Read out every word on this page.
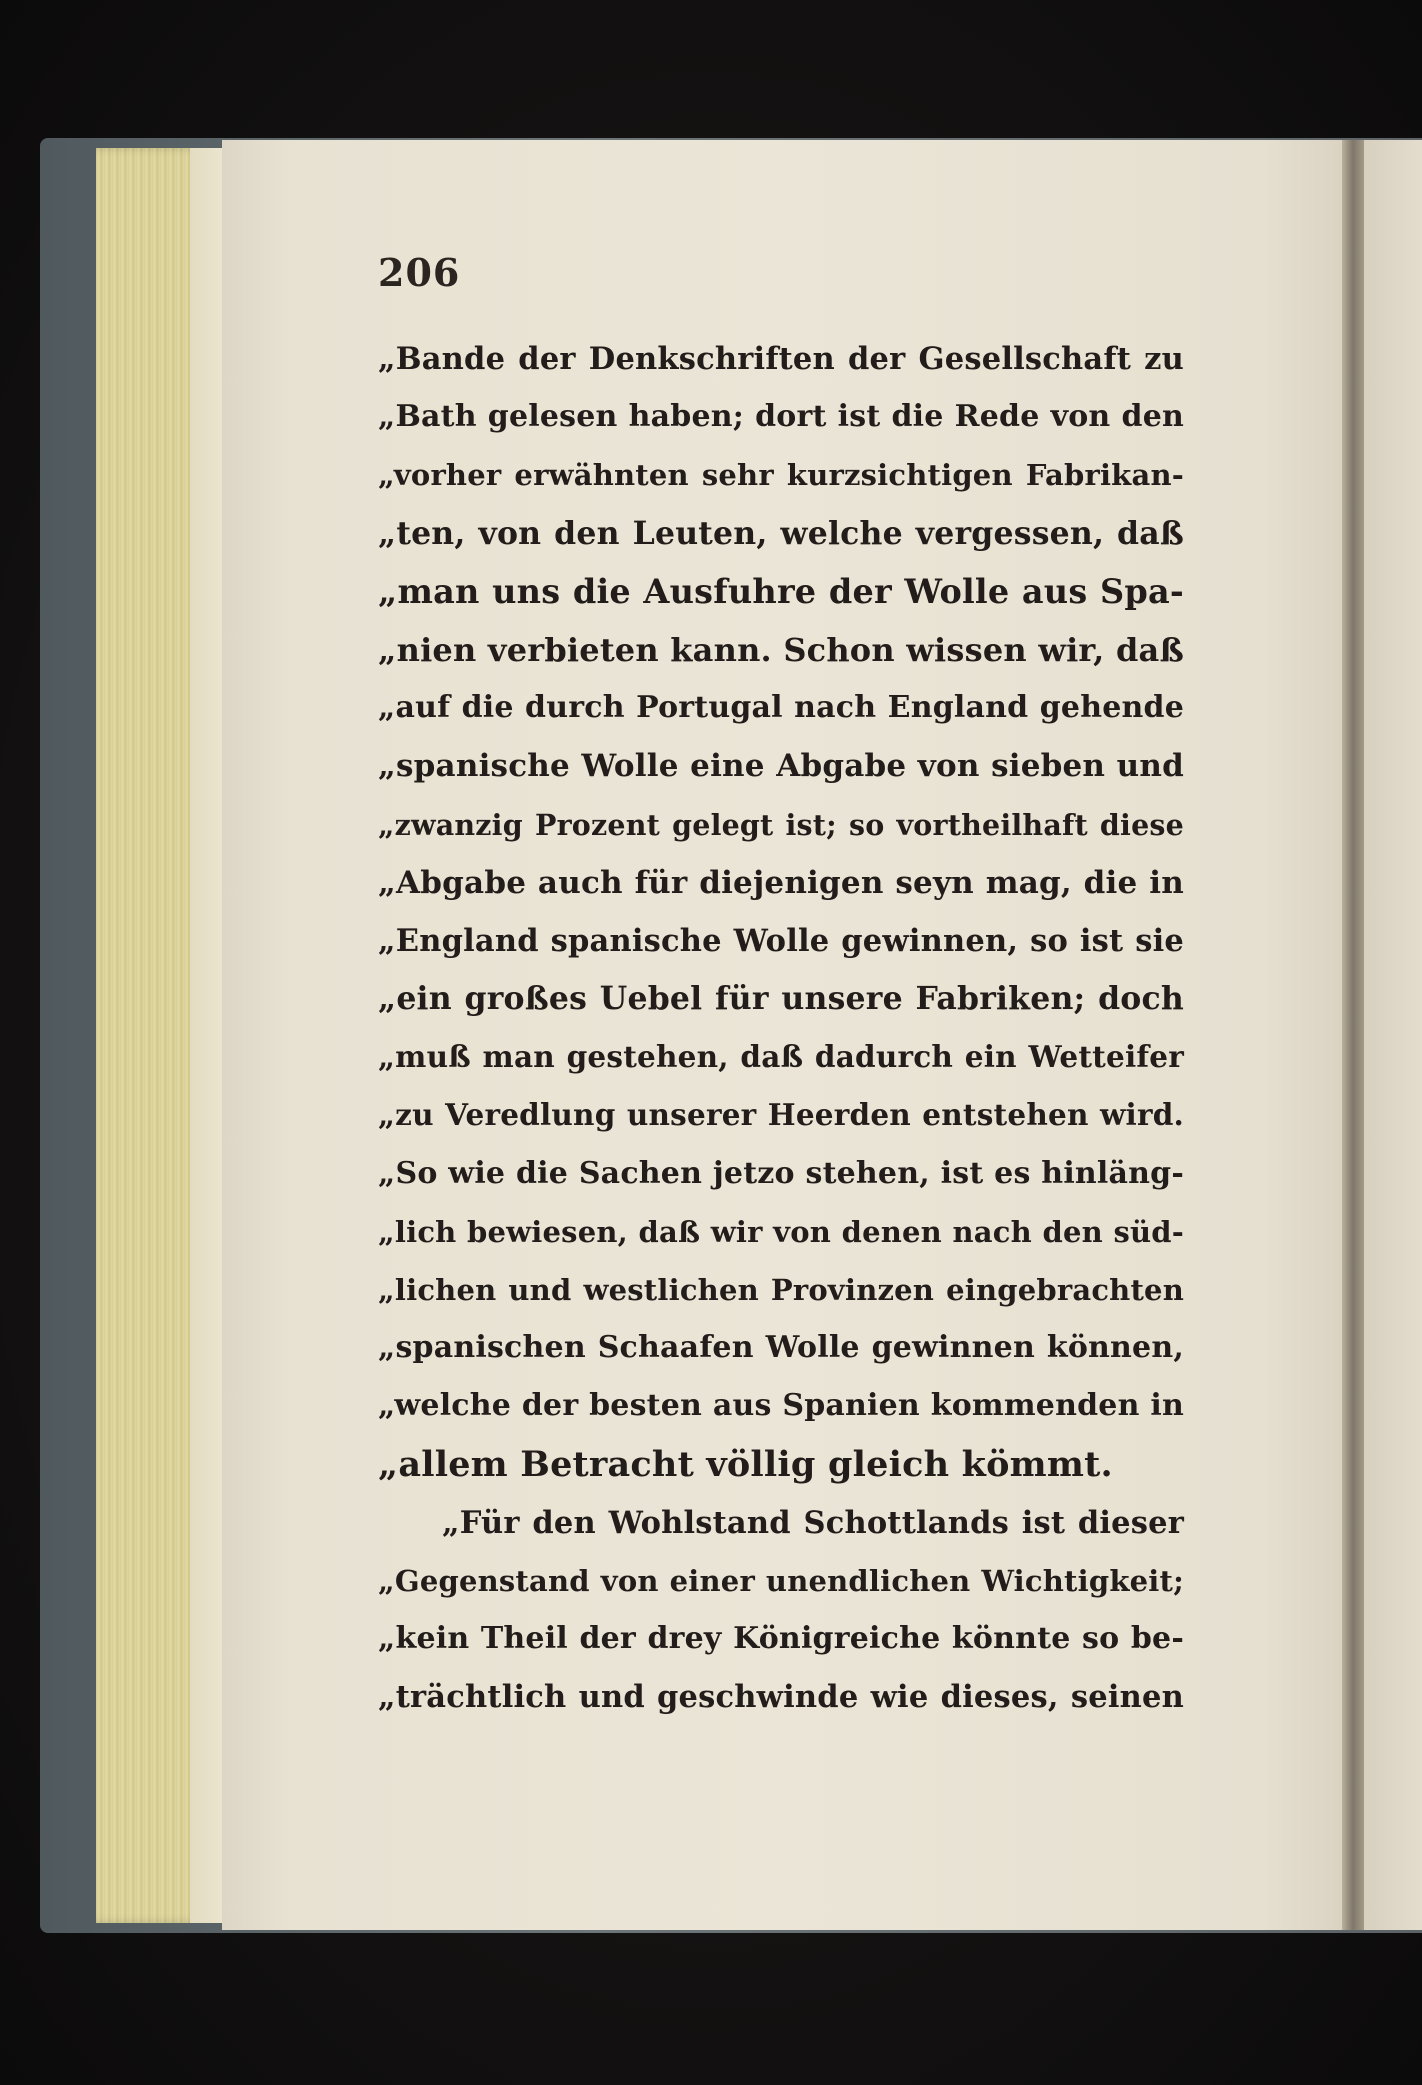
206
„Bande der Denkschriften der Gesellschaft zu
„Bath gelesen haben; dort ist die Rede von den
„vorher erwähnten sehr kurzsichtigen Fabrikan-
„ten, von den Leuten, welche vergessen, daß
„man uns die Ausfuhre der Wolle aus Spa-
„nien verbieten kann. Schon wissen wir, daß
„auf die durch Portugal nach England gehende
„spanische Wolle eine Abgabe von sieben und
„zwanzig Prozent gelegt ist; so vortheilhaft diese
„Abgabe auch für diejenigen seyn mag, die in
„England spanische Wolle gewinnen, so ist sie
„ein großes Uebel für unsere Fabriken; doch
„muß man gestehen, daß dadurch ein Wetteifer
„zu Veredlung unserer Heerden entstehen wird.
„So wie die Sachen jetzo stehen, ist es hinläng-
„lich bewiesen, daß wir von denen nach den süd-
„lichen und westlichen Provinzen eingebrachten
„spanischen Schaafen Wolle gewinnen können,
„welche der besten aus Spanien kommenden in
„allem Betracht völlig gleich kömmt.
„Für den Wohlstand Schottlands ist dieser
„Gegenstand von einer unendlichen Wichtigkeit;
„kein Theil der drey Königreiche könnte so be-
„trächtlich und geschwinde wie dieses, seinen
